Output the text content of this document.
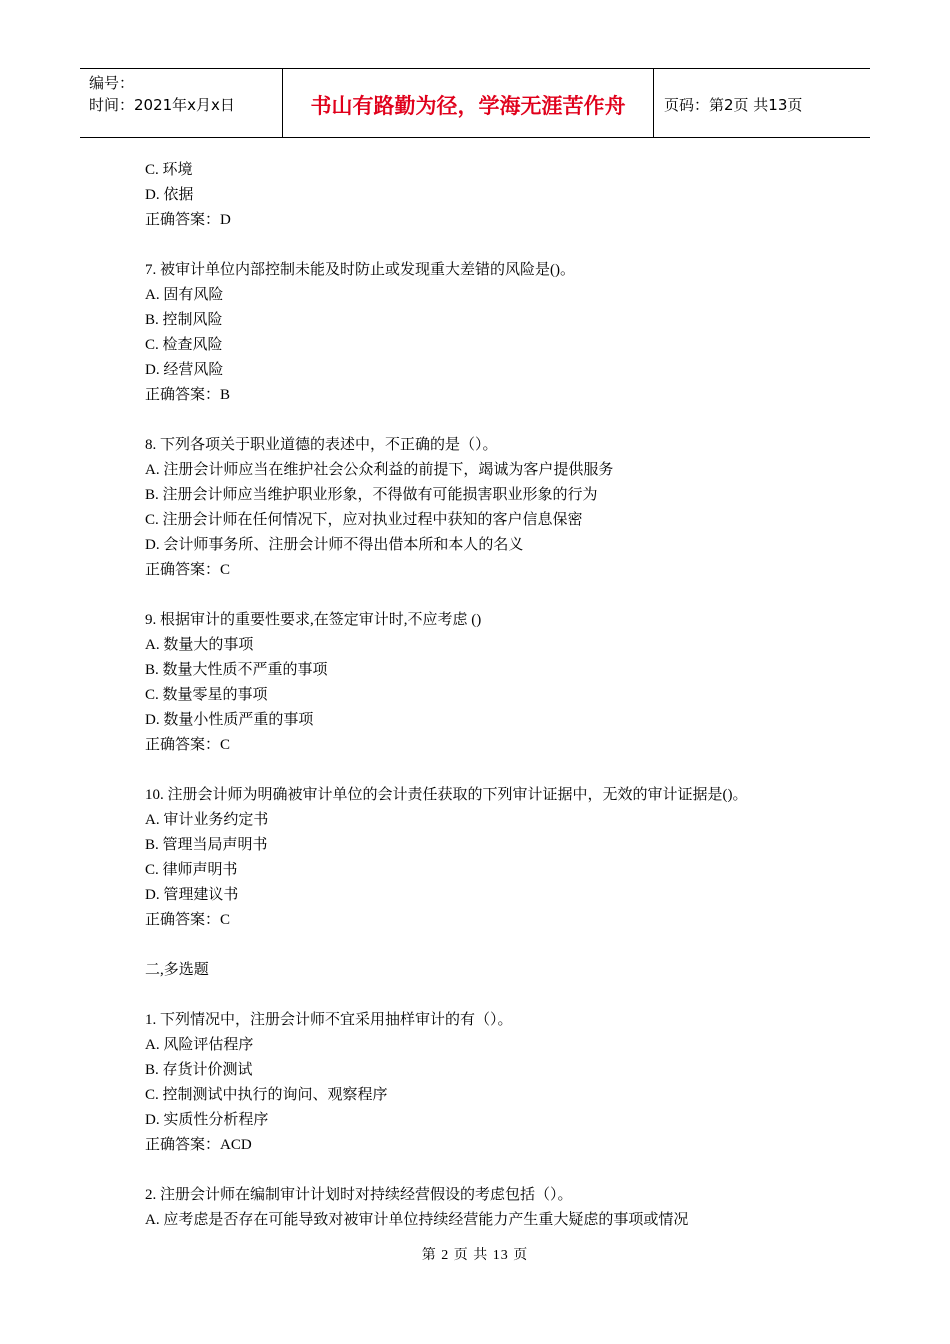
编号：
时间：2021年x月x日	书山有路勤为径，学海无涯苦作舟	页码：第2页 共13页
C. 环境
D. 依据
正确答案：D
7. 被审计单位内部控制未能及时防止或发现重大差错的风险是()。
A. 固有风险
B. 控制风险
C. 检查风险
D. 经营风险
正确答案：B
8. 下列各项关于职业道德的表述中，不正确的是（）。
A. 注册会计师应当在维护社会公众利益的前提下，竭诚为客户提供服务
B. 注册会计师应当维护职业形象，不得做有可能损害职业形象的行为
C. 注册会计师在任何情况下，应对执业过程中获知的客户信息保密
D. 会计师事务所、注册会计师不得出借本所和本人的名义
正确答案：C
9. 根据审计的重要性要求,在签定审计时,不应考虑 ()
A. 数量大的事项
B. 数量大性质不严重的事项
C. 数量零星的事项
D. 数量小性质严重的事项
正确答案：C
10. 注册会计师为明确被审计单位的会计责任获取的下列审计证据中，无效的审计证据是()。
A. 审计业务约定书
B. 管理当局声明书
C. 律师声明书
D. 管理建议书
正确答案：C
二,多选题
1. 下列情况中，注册会计师不宜采用抽样审计的有（）。
A. 风险评估程序
B. 存货计价测试
C. 控制测试中执行的询问、观察程序
D. 实质性分析程序
正确答案：ACD
2. 注册会计师在编制审计计划时对持续经营假设的考虑包括（）。
A. 应考虑是否存在可能导致对被审计单位持续经营能力产生重大疑虑的事项或情况
第 2 页 共 13 页
